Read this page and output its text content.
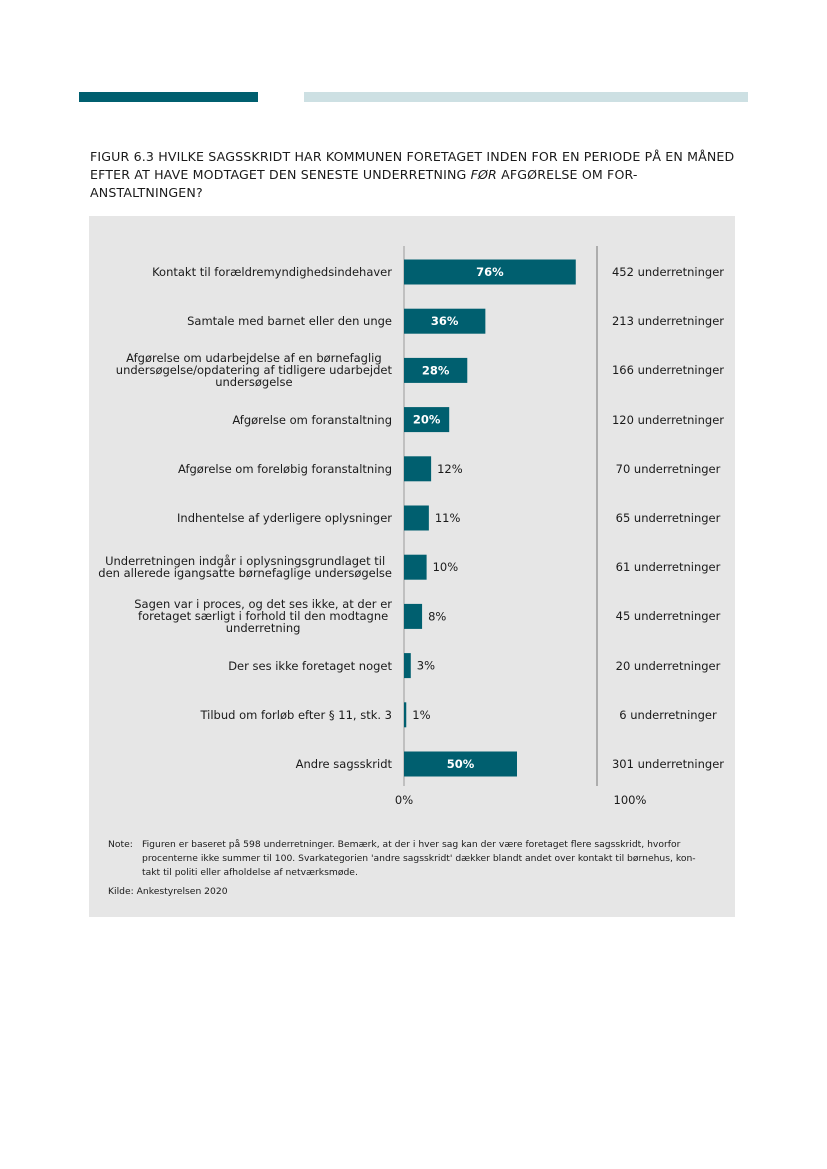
FIGUR 6.3 HVILKE SAGSSKRIDT HAR KOMMUNEN FORETAGET INDEN FOR EN PERIODE PÅ EN MÅNED EFTER AT HAVE MODTAGET DEN SENESTE UNDERRETNING FØR AFGØRELSE OM FOR-ANSTALTNINGEN?
Kontakt til forældremyndighedsindehaver
Samtale med barnet eller den unge
Afgørelse om udarbejdelse af en børnefaglig
undersøgelse/opdatering af tidligere udarbejdet
undersøgelse
Afgørelse om foranstaltning
Afgørelse om foreløbig foranstaltning
Indhentelse af yderligere oplysninger
Underretningen indgår i oplysningsgrundlaget til
den allerede igangsatte børnefaglige undersøgelse
Sagen var i proces, og det ses ikke, at der er
foretaget særligt i forhold til den modtagne
underretning
Der ses ikke foretaget noget
Tilbud om forløb efter § 11, stk. 3
Andre sagsskridt
452 underretninger
213 underretninger
166 underretninger
120 underretninger
70 underretninger
65 underretninger
61 underretninger
45 underretninger
20 underretninger
6 underretninger
301 underretninger
0%	100%
76%
36%
28%
20%
12%
11%
10%
8%
3%
1%
50%
Note: Figuren er baseret på 598 underretninger. Bemærk, at der i hver sag kan der være foretaget flere sagsskridt, hvorfor
procenterne ikke summer til 100. Svarkategorien 'andre sagsskridt' dækker blandt andet over kontakt til børnehus, kon-
takt til politi eller afholdelse af netværksmøde.
Kilde: Ankestyrelsen 2020
